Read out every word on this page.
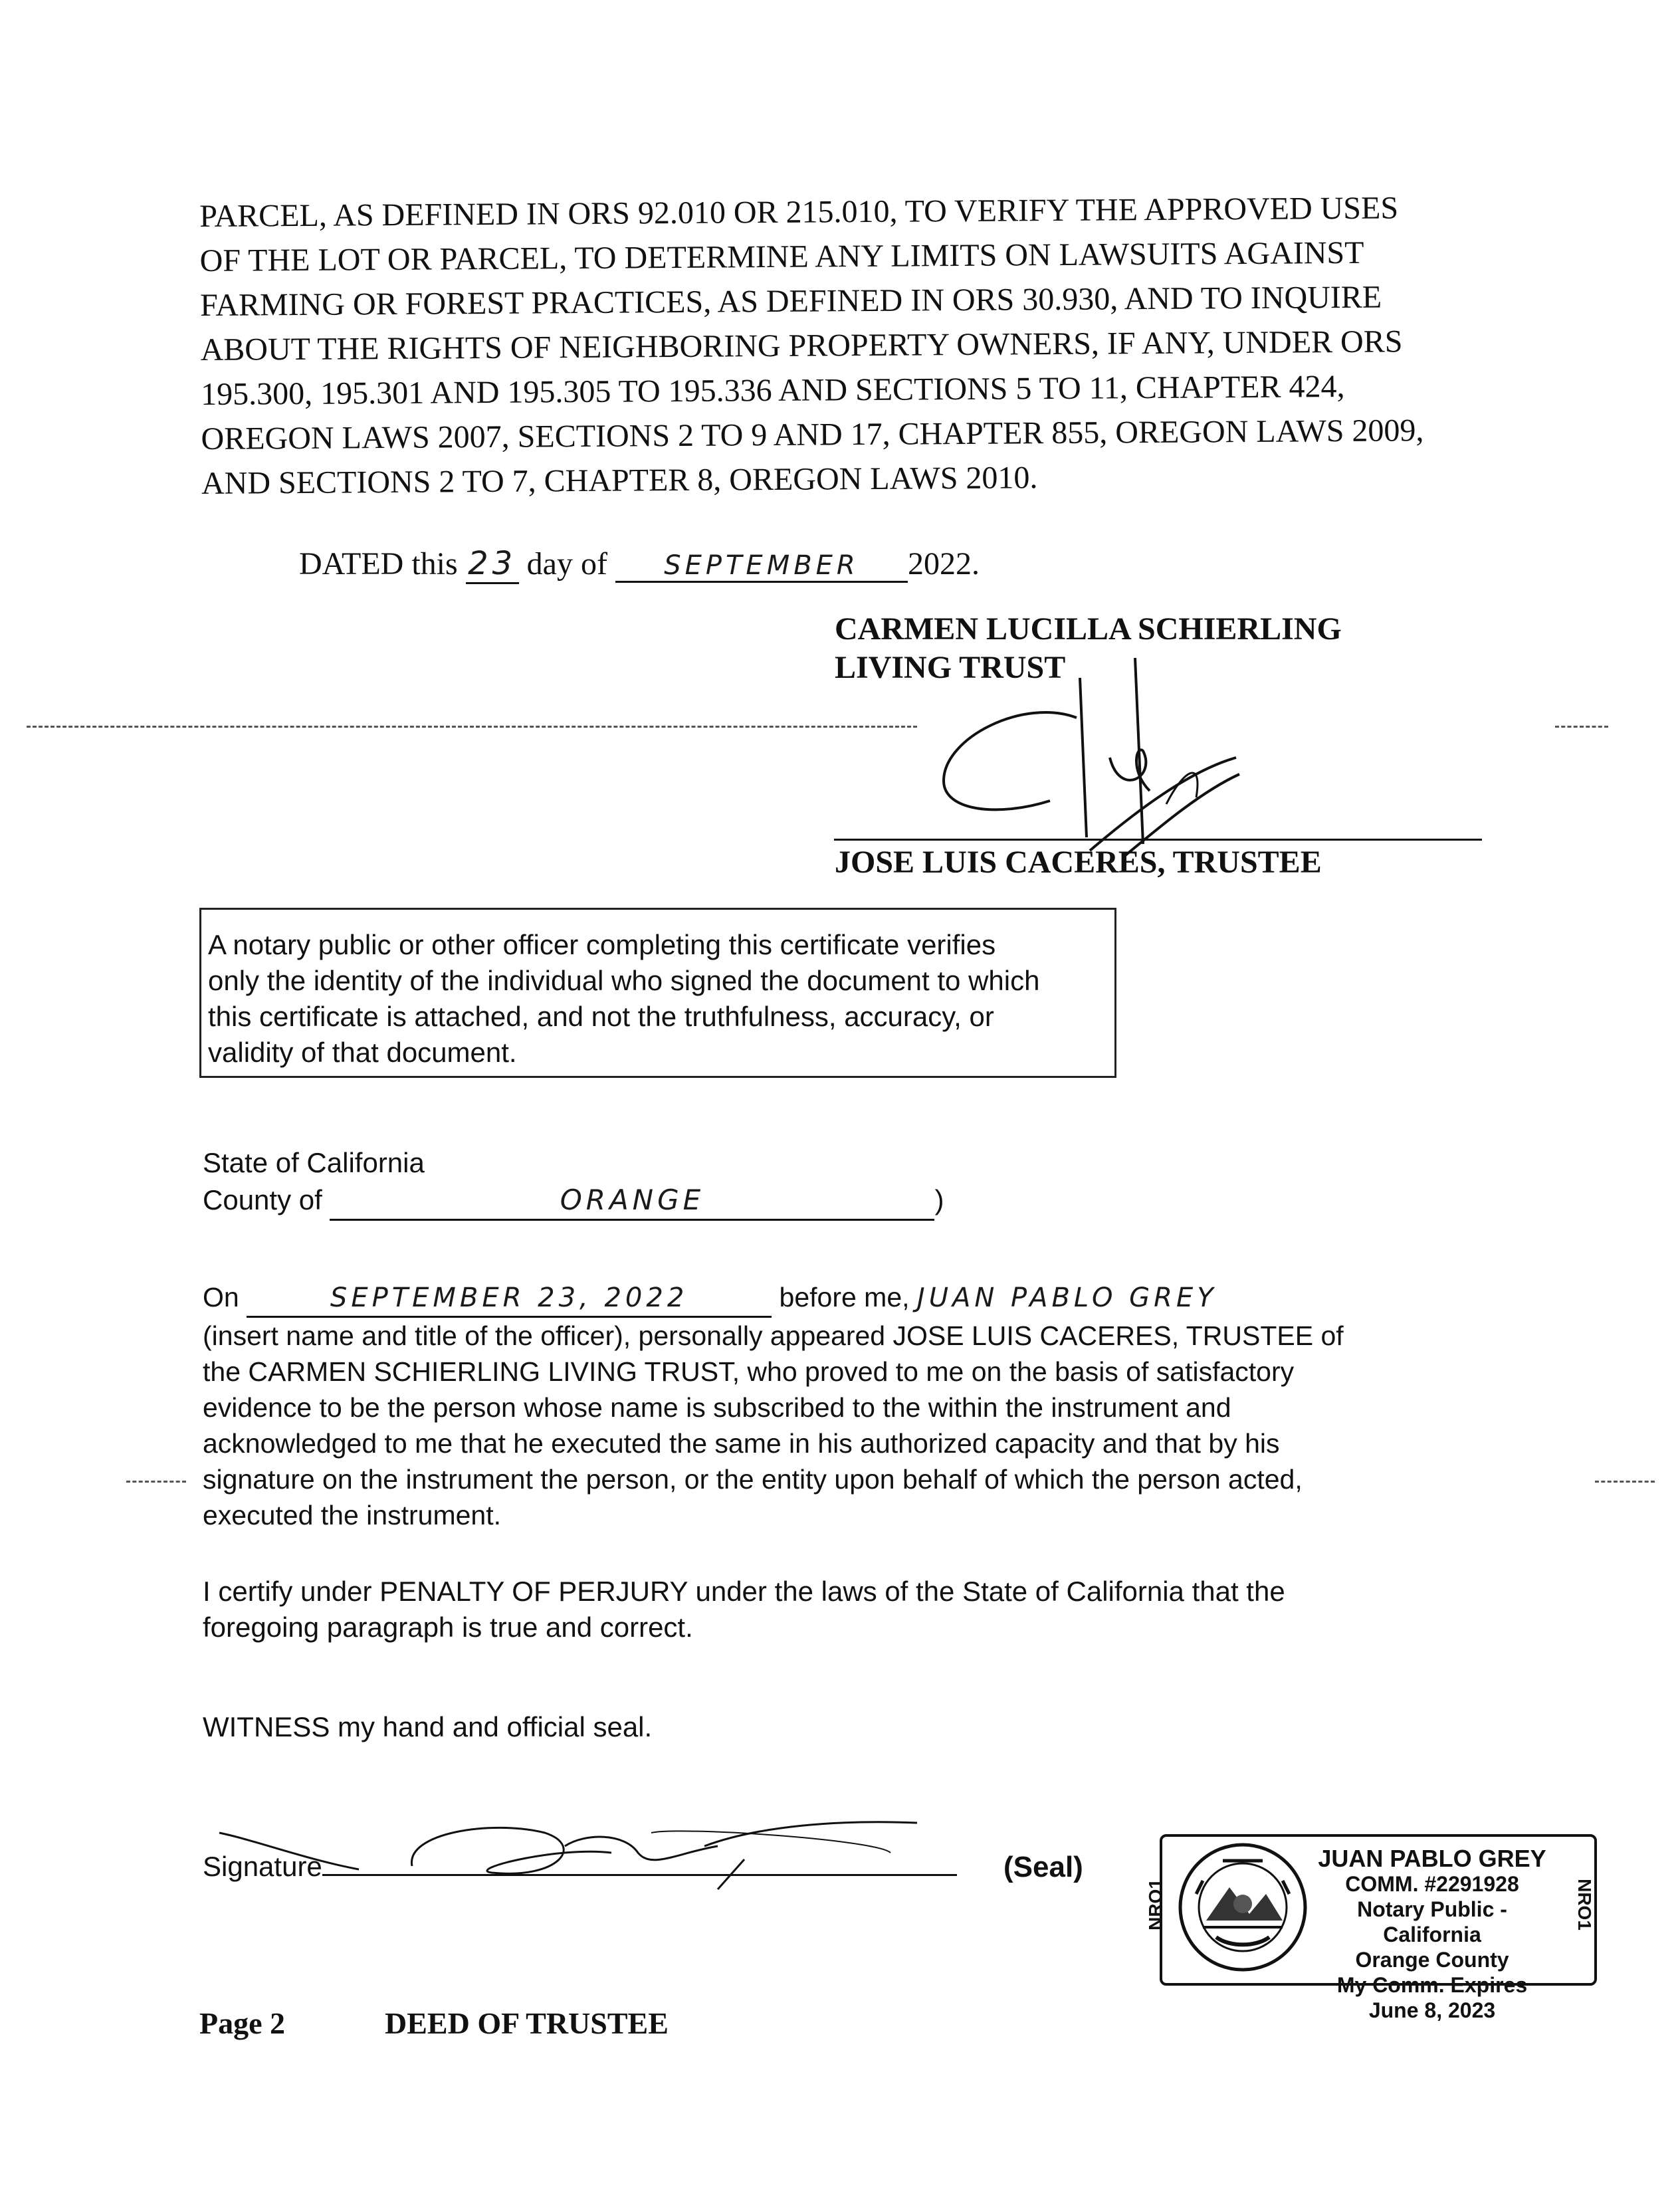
PARCEL, AS DEFINED IN ORS 92.010 OR 215.010, TO VERIFY THE APPROVED USES
OF THE LOT OR PARCEL, TO DETERMINE ANY LIMITS ON LAWSUITS AGAINST
FARMING OR FOREST PRACTICES, AS DEFINED IN ORS 30.930, AND TO INQUIRE
ABOUT THE RIGHTS OF NEIGHBORING PROPERTY OWNERS, IF ANY, UNDER ORS
195.300, 195.301 AND 195.305 TO 195.336 AND SECTIONS 5 TO 11, CHAPTER 424,
OREGON LAWS 2007, SECTIONS 2 TO 9 AND 17, CHAPTER 855, OREGON LAWS 2009,
AND SECTIONS 2 TO 7, CHAPTER 8, OREGON LAWS 2010.
DATED this 23 day of SEPTEMBER 2022.
CARMEN LUCILLA SCHIERLING
LIVING TRUST
JOSE LUIS CACERES, TRUSTEE
A notary public or other officer completing this certificate verifies
only the identity of the individual who signed the document to which
this certificate is attached, and not the truthfulness, accuracy, or
validity of that document.
State of California
County of	ORANGE	)
On	SEPTEMBER 23, 2022	before me, JUAN PABLO GREY
(insert name and title of the officer), personally appeared JOSE LUIS CACERES, TRUSTEE of
the CARMEN SCHIERLING LIVING TRUST, who proved to me on the basis of satisfactory
evidence to be the person whose name is subscribed to the within the instrument and
acknowledged to me that he executed the same in his authorized capacity and that by his
signature on the instrument the person, or the entity upon behalf of which the person acted,
executed the instrument.
I certify under PENALTY OF PERJURY under the laws of the State of California that the
foregoing paragraph is true and correct.
WITNESS my hand and official seal.
Signature	(Seal)
NRO1	NRO1
JUAN PABLO GREY
COMM. #2291928
Notary Public - California
Orange County
My Comm. Expires June 8, 2023
Page 2	DEED OF TRUSTEE
